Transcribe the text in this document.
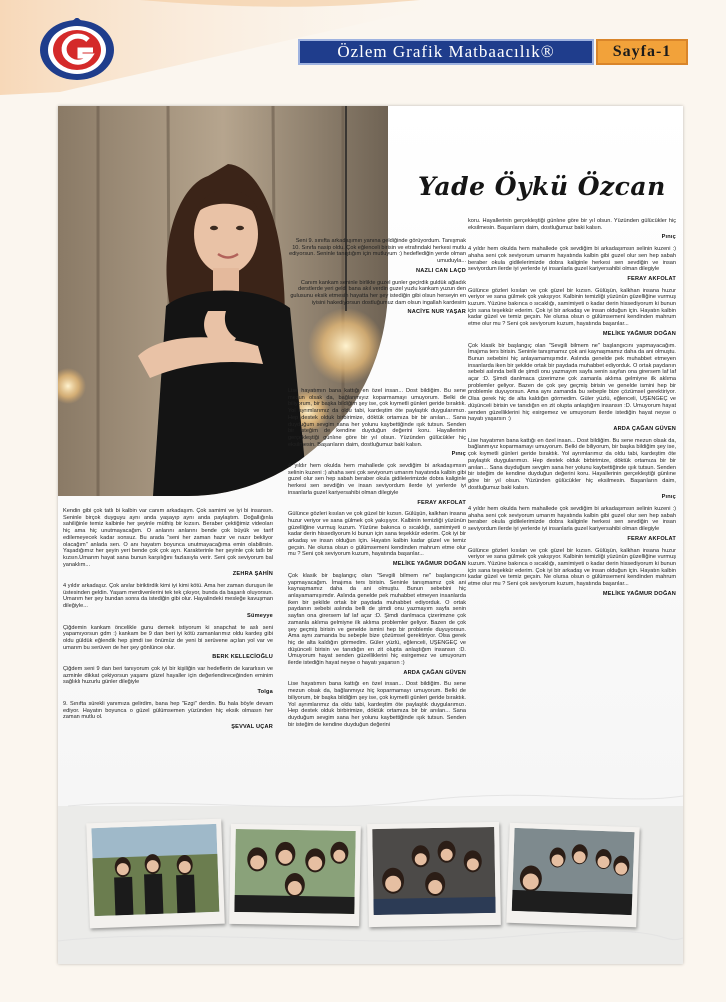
Özlem Grafik Matbaacılık®	Sayfa-1
Yade Öykü Özcan

Seni 9. sınıfta arkadaşımın yanına geldiğinde görüyordum. Tanışmak 10. Sınıfa nasip oldu. Çok eğlenceli birisin ve etrafındaki herkesi mutlu ediyorsun. Seninle tanıştığım için mutluyum :) hedeflediğin yerde olman umuduyla...

NAZLI CAN LAÇD

Canım kankam seninle birlikte guzel gunler geçirdik guldük ağladık derstlerde yeri geldi bana akıl verdin guzel yuzlu kankam yuzun den gulusunu eksik etmesin hayatta her şey istediğin gibi olsun herseyin en iyisini hakediyorsun dostluğumuz dam olsun ingallah kardesim

NACİYE NUR YAŞAR

Kendin gibi çok tatlı bi kalbin var canım arkadaşım. Çok samimi ve iyi bi insansın. Seninle birçok duyguyu aynı anda yaşayıp aynı anda paylaştım. Doğallığınla sahiliğinle temiz kalbinle her şeyinle müthiş bir kızsın. Beraber çektiğimiz videoları hiç ama hiç unutmayacağım. O anlarını anlarını bende çok büyük ve tarif edilemeyecek kadar sonsuz. Bu arada "seni her zaman hazır ve nazır bekliyor olacağım" anlada sen. O anı hayatım boyunca unutmayacağıma emin olabilirsin. Yaşadığımız her şeyin yeri bende çok çok ayrı. Karakterinle her şeyinle çok tatlı bir kızsın.Umarım hayat sana bunun karşılığını fazlasıyla verir. Seni çok seviyorum bal yanaklım...

ZEHRA ŞAHİN

4 yıldır arkadaşız. Çok anılar biriktirdik kimi iyi kimi kötü. Ama her zaman duruşun ile üstesinden geldin. Yaşam merdivenlerini tek tek çıkıyor, bunda da başarılı oluyorsun. Umarım her şey bundan sonra da istediğin gibi olur. Hayalindeki mesleğe kavuşman dileğiyle...

Sümeyye

Çiğdemin kankam öncelikle gunu demek istiyorum ki snapchat te aslı seni yapamıyorsun gdm :) kankam be 9 dan beri iyi kötü zamanlarımız oldu kardeş gibi oldu güldük eğlendik hep şimdi ise önümüz de yeni bi serüvene açılan yol var ve umarım bu serüven de her şey gönlünce olur.

BERK KELLECİOĞLU

Çiğdem seni 9 dan beri tanıyorum çok iyi bir kişiliğin var hedeflerin de kararlısın ve azminle dikkat çekiyorsun yaşamı güzel hayaller için değerlendireceğinden eminim sağlıklı huzurlu günler dileğiyle

Tolga

9. Sınıfta sürekli yanımıza gelirdim, bana hep "Ezgi" derdin. Bu hala böyle devam ediyor. Hayatın boyunca o güzel gülümsemen yüzünden hiç eksik olmasın her zaman mutlu ol.

ŞEVVAL UÇAR

Lise hayatımın bana kattığı en özel insan... Dost bildiğim. Bu sene mezun olsak da, bağlanmıyız koparmamayı umuyorum. Belki de biliyorum, bir başka bildiğim şey ise, çok kıymetli günleri geride bıraktık. Yol ayrımlarımız da oldu tabi, kardeştim öte paylaştık duygularımızı. Hep destek olduk birbirimize, döktük ortamıza bir bir anılan... Sana duyduğum sevgim sana her yolunu kaybettiğinde ışık tutsun. Senden bir isteğim de kendine duyduğun değerini koru. Hayallerinin gerçekleştiği günlıne göre bir yıl olsun. Yüzünden gülücükler hiç eksilmesin. Başarıların daim, dostluğumuz baki kalsın.

Pınıç

4 yıldır hem okulda hem mahallede çok sevdiğim bi arkadaşımsın selinin kuzeni :) ahaha seni çok seviyorum umarım hayatında kalbin gibi guzel olur sen hep sabah beraber okula gidilelerimizde dobra kaliginle herkesi sen sevdiğin ve insan seviyordum ilerde iyi yerlerde iyi insanlarla guzel kariyersahibi olman dilegiyle

FERAY AKFOLAT

Gülünce gözleri kısılan ve çok güzel bir kızsın. Gülüşün, kalkhan insana huzur veriyor ve sana gülmek çok yakışıyor. Kalbinin temizliği yüzünün güzelliğine vurmuş kuzum. Yüzüne bakınca o sıcaklığı, samimiyeti o kadar derin hissediyorum ki bunun için sana teşekkür ederim. Çok iyi bir arkadaş ve insan olduğun için. Hayatın kalbin kadar güzel ve temiz geçsin. Ne olursa olsun o gülümsemeni kendinden mahrum etme olur mu ? Seni çok seviyorum kuzum, hayatında başarılar...

MELİKE YAĞMUR DOĞAN

Çok klasik bir başlangıç olan "Sevgili bilmem ne" başlangıcını yapmayacağım. İmajıma ters birisin. Seninle tanışmamız çok ani kaynaşmamız daha da ani olmuştu. Bunun sebebini hiç anlayamamışımdır. Aslında genelde pek muhabbet etmeyen insanlarda iken bir şekilde ortak bir paydada muhabbet ediyorduk. O ortak paydanın sebebi aslında belli de şimdi onu yazmayım sayfa senin sayfan ona girersem laf laf açar :D. Şimdi danlmaca çizerimzne çok zamanla aklıma gelmiyne ilk aklıma problemler geliyor. Bazen de çok şey geçmiş birisin ve genelde ismini hep bir problemle duyuyorsun. Ama aynı zamanda bu sebeple bize çözümsel gerektiriyor. Olsa gerek hiç de alta kaldığın görmedim. Güler yüzlü, eğlenceli, UŞENGEÇ ve düşünceli birisin ve tanıdığın en zit olupta anlaştığım insansın :D. Umuyorum hayat senden güzelliklerini hiç esirgemez ve umuyorum ilerde istediğin hayat neyse o hayatı yaşarsın :)

ARDA ÇAĞAN GÜVEN

Lise hayatımın bana kattığı en özel insan... Dost bildiğim. Bu sene mezun olsak da, bağlanmıyız hiç koparmamayı umuyorum. Belki de biliyorum, bir başka bildiğim şey ise, çok kıymetli günleri geride bıraktık. Yol ayrımlarımız da oldu tabi, kardeştim öte paylaştık duygularımızı. Hep destek olduk birbirimize, döktük ortamıza bir bir anılan... Sana duyduğum sevgim sana her yolunu kaybettiğinde ışık tutsun. Senden bir isteğim de kendine duyduğun değerini

koru. Hayallerinin gerçekleştiği günlıne göre bir yıl olsun. Yüzünden gülücükler hiç eksilmesin. Başarıların daim, dostluğumuz baki kalsın.

Pınıç

4 yıldır hem okulda hem mahallede çok sevdiğim bi arkadaşımsın selinin kuzeni :) ahaha seni çok seviyorum umarım hayatında kalbin gibi guzel olur sen hep sabah beraber okula gidilelerimizde dobra kaliginle herkesi sen sevdiğin ve insan seviyordum ilerde iyi yerlerde iyi insanlarla guzel kariyersahibi olman dilegiyle

FERAY AKFOLAT

Gülünce gözleri kısılan ve çok güzel bir kızsın. Gülüşün, kalkhan insana huzur veriyor ve sana gülmek çok yakışıyor. Kalbinin temizliği yüzünün güzelliğine vurmuş kuzum. Yüzüne bakınca o sıcaklığı, samimiyeti o kadar derin hissediyorum ki bunun için sana teşekkür ederim. Çok iyi bir arkadaş ve insan olduğun için. Hayatın kalbin kadar güzel ve temiz geçsin. Ne olursa olsun o gülümsemeni kendinden mahrum etme olur mu ? Seni çok seviyorum kuzum, hayatında başarılar...

MELİKE YAĞMUR DOĞAN

Çok klasik bir başlangıç olan "Sevgili bilmem ne" başlangıcını yapmayacağım. İmajıma ters birisin. Seninle tanışmamız çok ani kaynaşmamız daha da ani olmuştu. Bunun sebebini hiç anlayamamışımdır. Aslında genelde pek muhabbet etmeyen insanlarda iken bir şekilde ortak bir paydada muhabbet ediyorduk. O ortak paydanın sebebi aslında belli de şimdi onu yazmayım sayfa senin sayfan ona girersem laf laf açar :D. Şimdi danlmaca çizerimzne çok zamanla aklıma gelmiyne ilk aklıma problemler geliyor. Bazen de çok şey geçmiş birisin ve genelde ismini hep bir problemle duyuyorsun. Ama aynı zamanda bu sebeple bize çözümsel gerektiriyor. Olsa gerek hiç de alta kaldığın görmedim. Güler yüzlü, eğlenceli, UŞENGEÇ ve düşünceli birisin ve tanıdığın en zit olupta anlaştığım insansın :D. Umuyorum hayat senden güzelliklerini hiç esirgemez ve umuyorum ilerde istediğin hayat neyse o hayatı yaşarsın :)

ARDA ÇAĞAN GÜVEN

Lise hayatımın bana kattığı en özel insan... Dost bildiğim. Bu sene mezun olsak da, bağlanmıyız koparmamayı umuyorum. Belki de biliyorum, bir başka bildiğim şey ise, çok kıymetli günleri geride bıraktık. Yol ayrımlarımız da oldu tabi, kardeştim öte paylaştık duygularımızı. Hep destek olduk birbirimize, döktük ortamıza bir bir anılan... Sana duyduğum sevgim sana her yolunu kaybettiğinde ışık tutsun. Senden bir isteğim de kendine duyduğun değerini koru. Hayallerinin gerçekleştiği günlıne göre bir yıl olsun. Yüzünden gülücükler hiç eksilmesin. Başarıların daim, dostluğumuz baki kalsın.

Pınıç

4 yıldır hem okulda hem mahallede çok sevdiğim bi arkadaşımsın selinin kuzeni :) ahaha seni çok seviyorum umarım hayatında kalbin gibi guzel olur sen hep sabah beraber okula gidilelerimizde dobra kaliginle herkesi sen sevdiğin ve insan seviyordum ilerde iyi yerlerde iyi insanlarla guzel kariyersahibi olman dilegiyle

FERAY AKFOLAT

Gülünce gözleri kısılan ve çok güzel bir kızsın. Gülüşün, kalkhan insana huzur veriyor ve sana gülmek çok yakışıyor. Kalbinin temizliği yüzünün güzelliğine vurmuş kuzum. Yüzüne bakınca o sıcaklığı, samimiyeti o kadar derin hissediyorum ki bunun için sana teşekkür ederim. Çok iyi bir arkadaş ve insan olduğun için. Hayatın kalbin kadar güzel ve temiz geçsin. Ne olursa olsun o gülümsemeni kendinden mahrum etme olur mu ? Seni çok seviyorum kuzum, hayatında başarılar...

MELİKE YAĞMUR DOĞAN
